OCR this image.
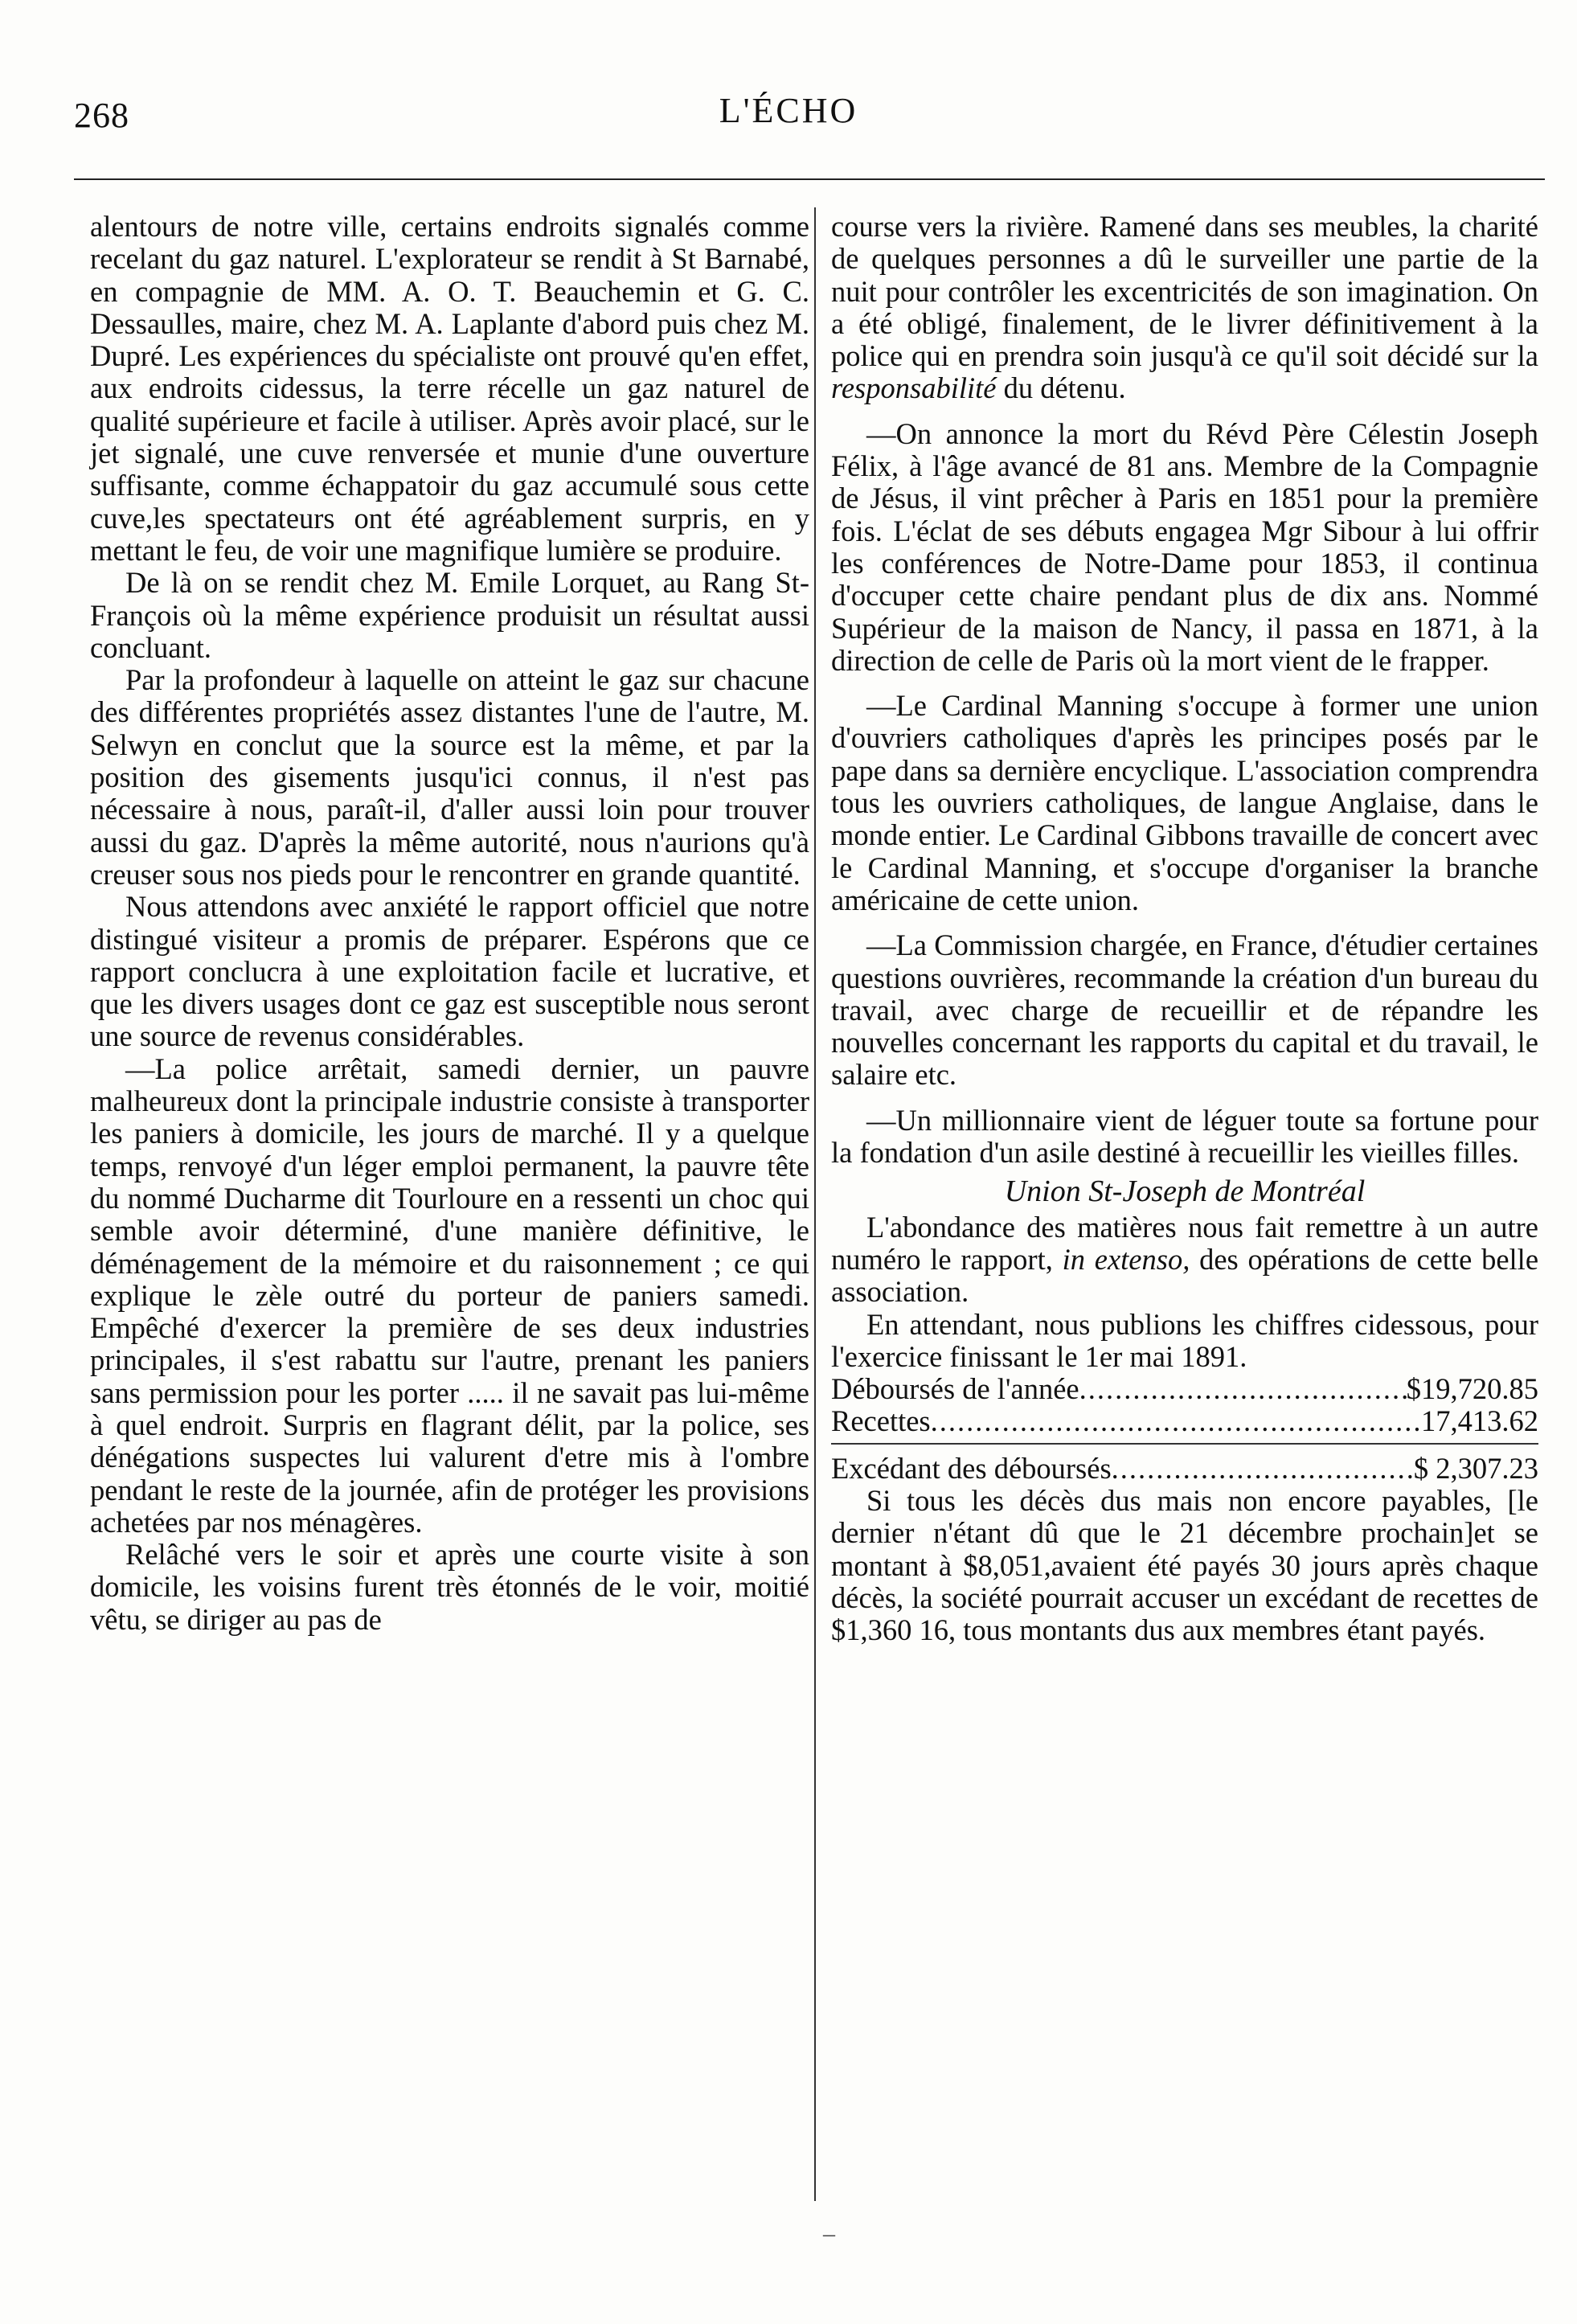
268	L'ÉCHO

alentours de notre ville, certains endroits signalés comme recelant du gaz naturel. L'explorateur se rendit à St Barnabé, en compagnie de MM. A. O. T. Beauchemin et G. C. Dessaulles, maire, chez M. A. Laplante d'abord puis chez M. Dupré. Les expériences du spécialiste ont prouvé qu'en effet, aux endroits cidessus, la terre récelle un gaz naturel de qualité supérieure et facile à utiliser. Après avoir placé, sur le jet signalé, une cuve renversée et munie d'une ouverture suffisante, comme échappatoir du gaz accumulé sous cette cuve,les spectateurs ont été agréablement surpris, en y mettant le feu, de voir une magnifique lumière se produire.

De là on se rendit chez M. Emile Lorquet, au Rang St-François où la même expérience produisit un résultat aussi concluant.

Par la profondeur à laquelle on atteint le gaz sur chacune des différentes propriétés assez distantes l'une de l'autre, M. Selwyn en conclut que la source est la même, et par la position des gisements jusqu'ici connus, il n'est pas nécessaire à nous, paraît-il, d'aller aussi loin pour trouver aussi du gaz. D'après la même autorité, nous n'aurions qu'à creuser sous nos pieds pour le rencontrer en grande quantité.

Nous attendons avec anxiété le rapport officiel que notre distingué visiteur a promis de préparer. Espérons que ce rapport conclucra à une exploitation facile et lucrative, et que les divers usages dont ce gaz est susceptible nous seront une source de revenus considérables.

—La police arrêtait, samedi dernier, un pauvre malheureux dont la principale industrie consiste à transporter les paniers à domicile, les jours de marché. Il y a quelque temps, renvoyé d'un léger emploi permanent, la pauvre tête du nommé Ducharme dit Tourloure en a ressenti un choc qui semble avoir déterminé, d'une manière définitive, le déménagement de la mémoire et du raisonnement ; ce qui explique le zèle outré du porteur de paniers samedi. Empêché d'exercer la première de ses deux industries principales, il s'est rabattu sur l'autre, prenant les paniers sans permission pour les porter ..... il ne savait pas lui-même à quel endroit. Surpris en flagrant délit, par la police, ses dénégations suspectes lui valurent d'etre mis à l'ombre pendant le reste de la journée, afin de protéger les provisions achetées par nos ménagères.

Relâché vers le soir et après une courte visite à son domicile, les voisins furent très étonnés de le voir, moitié vêtu, se diriger au pas de

course vers la rivière. Ramené dans ses meubles, la charité de quelques personnes a dû le surveiller une partie de la nuit pour contrôler les excentricités de son imagination. On a été obligé, finalement, de le livrer définitivement à la police qui en prendra soin jusqu'à ce qu'il soit décidé sur la responsabilité du détenu.

—On annonce la mort du Révd Père Célestin Joseph Félix, à l'âge avancé de 81 ans. Membre de la Compagnie de Jésus, il vint prêcher à Paris en 1851 pour la première fois. L'éclat de ses débuts engagea Mgr Sibour à lui offrir les conférences de Notre-Dame pour 1853, il continua d'occuper cette chaire pendant plus de dix ans. Nommé Supérieur de la maison de Nancy, il passa en 1871, à la direction de celle de Paris où la mort vient de le frapper.

—Le Cardinal Manning s'occupe à former une union d'ouvriers catholiques d'après les principes posés par le pape dans sa dernière encyclique. L'association comprendra tous les ouvriers catholiques, de langue Anglaise, dans le monde entier. Le Cardinal Gibbons travaille de concert avec le Cardinal Manning, et s'occupe d'organiser la branche américaine de cette union.

—La Commission chargée, en France, d'étudier certaines questions ouvrières, recommande la création d'un bureau du travail, avec charge de recueillir et de répandre les nouvelles concernant les rapports du capital et du travail, le salaire etc.

—Un millionnaire vient de léguer toute sa fortune pour la fondation d'un asile destiné à recueillir les vieilles filles.

Union St-Joseph de Montréal

L'abondance des matières nous fait remettre à un autre numéro le rapport, in extenso, des opérations de cette belle association.

En attendant, nous publions les chiffres cidessous, pour l'exercice finissant le 1er mai 1891.

Déboursés de l'année .....	$19,720.85
Recettes .....	17,413.62
Excédant des déboursés .....	$ 2,307.23

Si tous les décès dus mais non encore payables, [le dernier n'étant dû que le 21 décembre prochain]et se montant à $8,051,avaient été payés 30 jours après chaque décès, la société pourrait accuser un excédant de recettes de $1,360 16, tous montants dus aux membres étant payés.

–
